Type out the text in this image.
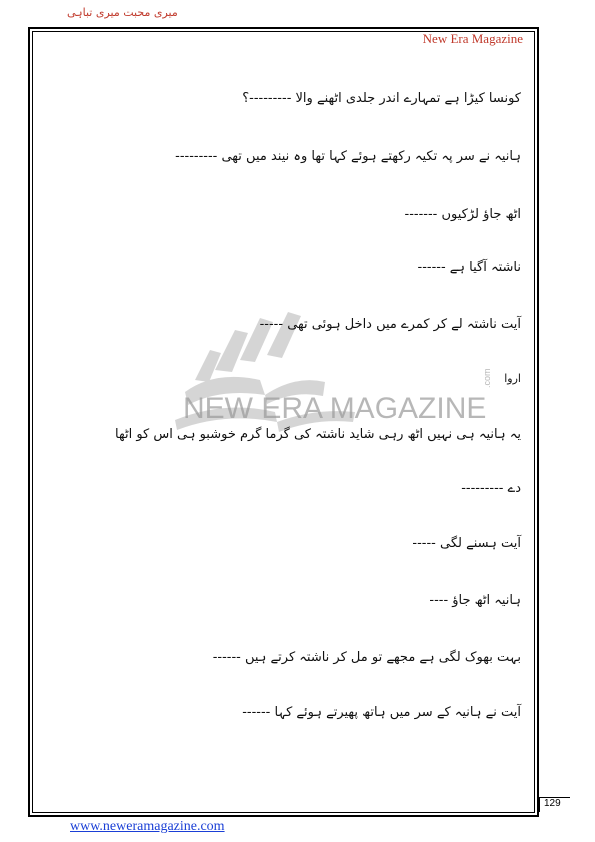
میری محبت میری تباہی
New Era Magazine
NEW ERA MAGAZINE
.com
کونسا کیڑا ہے تمہارے اندر جلدی اٹھنے والا ---------؟
ہانیہ نے سر پہ تکیہ رکھتے ہوئے کہا تھا وہ نیند میں تھی ---------
اٹھ جاؤ لڑکیوں -------
ناشتہ آگیا ہے ------
آیت ناشتہ لے کر کمرے میں داخل ہوئی تھی -----
اروا
یہ ہانیہ ہی نہیں اٹھ رہی شاید ناشتہ کی گرما گرم خوشبو ہی اس کو اٹھا
دے ---------
آیت ہسنے لگی -----
ہانیہ اٹھ جاؤ ----
بہت بھوک لگی ہے مجھے تو مل کر ناشتہ کرتے ہیں ------
آیت نے ہانیہ کے سر میں ہاتھ پھیرتے ہوئے کہا ------
129
www.neweramagazine.com
